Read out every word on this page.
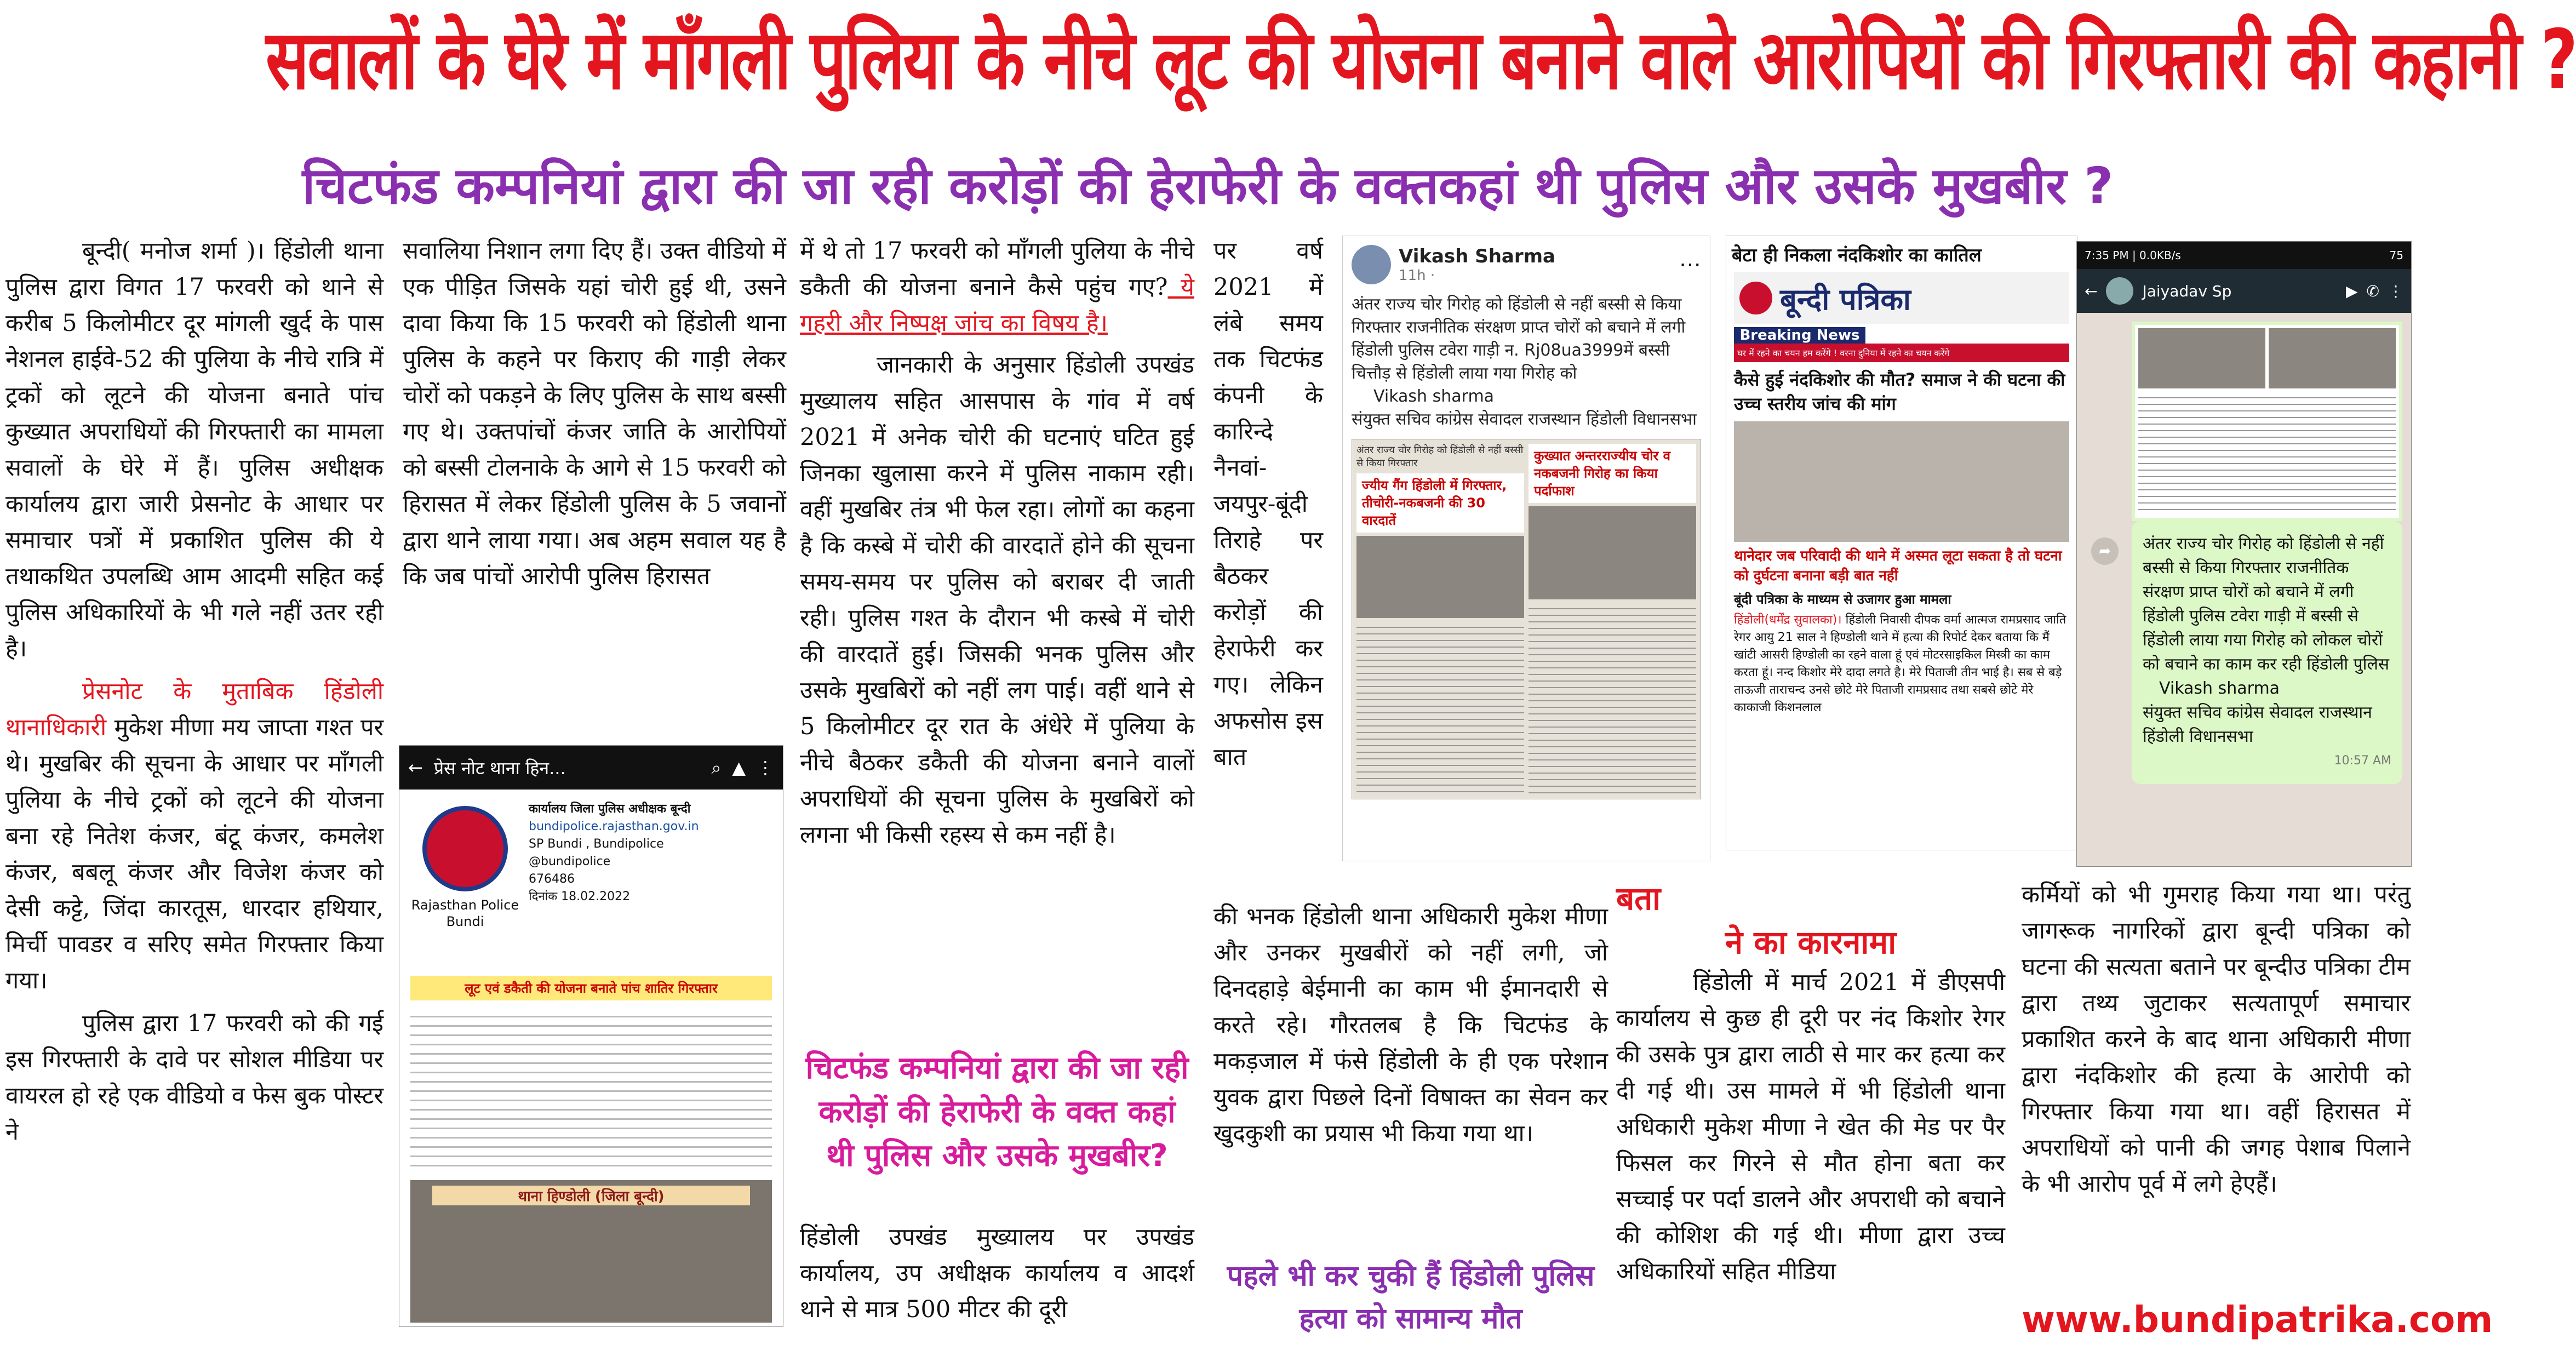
सवालों के घेरे में माँगली पुलिया के नीचे लूट की योजना बनाने वाले आरोपियों की गिरफ्तारी की कहानी ?
चिटफंड कम्पनियां द्वारा की जा रही करोड़ों की हेराफेरी के वक्तकहां थी पुलिस और उसके मुखबीर ?

बून्दी( मनोज शर्मा )। हिंडोली थाना पुलिस द्वारा विगत 17 फरवरी को थाने से करीब 5 किलोमीटर दूर मांगली खुर्द के पास नेशनल हाईवे-52 की पुलिया के नीचे रात्रि में ट्रकों को लूटने की योजना बनाते पांच कुख्यात अपराधियों की गिरफ्तारी का मामला सवालों के घेरे में हैं। पुलिस अधीक्षक कार्यालय द्वारा जारी प्रेसनोट के आधार पर समाचार पत्रों में प्रकाशित पुलिस की ये तथाकथित उपलब्धि आम आदमी सहित कई पुलिस अधिकारियों के भी गले नहीं उतर रही है।

प्रेसनोट के मुताबिक हिंडोली थानाधिकारी मुकेश मीणा मय जाप्ता गश्त पर थे। मुखबिर की सूचना के आधार पर माँगली पुलिया के नीचे ट्रकों को लूटने की योजना बना रहे नितेश कंजर, बंटू कंजर, कमलेश कंजर, बबलू कंजर और विजेश कंजर को देसी कट्टे, जिंदा कारतूस, धारदार हथियार, मिर्ची पावडर व सरिए समेत गिरफ्तार किया गया।

पुलिस द्वारा 17 फरवरी को की गई इस गिरफ्तारी के दावे पर सोशल मीडिया पर वायरल हो रहे एक वीडियो व फेस बुक पोस्टर ने

सवालिया निशान लगा दिए हैं। उक्त वीडियो में एक पीड़ित जिसके यहां चोरी हुई थी, उसने दावा किया कि 15 फरवरी को हिंडोली थाना पुलिस के कहने पर किराए की गाड़ी लेकर चोरों को पकड़ने के लिए पुलिस के साथ बस्सी गए थे। उक्तपांचों कंजर जाति के आरोपियों को बस्सी टोलनाके के आगे से 15 फरवरी को हिरासत में लेकर हिंडोली पुलिस के 5 जवानों द्वारा थाने लाया गया। अब अहम सवाल यह है कि जब पांचों आरोपी पुलिस हिरासत

← प्रेस नोट थाना हिन...	⌕ ▲ ⋮
Rajasthan Police Bundi
कार्यालय जिला पुलिस अधीक्षक बून्दी
bundipolice.rajasthan.gov.in
SP Bundi , Bundipolice
@bundipolice
676486
दिनांक 18.02.2022
लूट एवं डकैती की योजना बनाते पांच शातिर गिरफ्तार
थाना हिण्डोली (जिला बून्दी)

में थे तो 17 फरवरी को माँगली पुलिया के नीचे डकैती की योजना बनाने कैसे पहुंच गए? ये गहरी और निष्पक्ष जांच का विषय है।

जानकारी के अनुसार हिंडोली उपखंड मुख्यालय सहित आसपास के गांव में वर्ष 2021 में अनेक चोरी की घटनाएं घटित हुई जिनका खुलासा करने में पुलिस नाकाम रही। वहीं मुखबिर तंत्र भी फेल रहा। लोगों का कहना है कि कस्बे में चोरी की वारदातें होने की सूचना समय-समय पर पुलिस को बराबर दी जाती रही। पुलिस गश्त के दौरान भी कस्बे में चोरी की वारदातें हुई। जिसकी भनक पुलिस और उसके मुखबिरों को नहीं लग पाई। वहीं थाने से 5 किलोमीटर दूर रात के अंधेरे में पुलिया के नीचे बैठकर डकैती की योजना बनाने वालों अपराधियों की सूचना पुलिस के मुखबिरों को लगना भी किसी रहस्य से कम नहीं है।

चिटफंड कम्पनियां द्वारा की जा रही करोड़ों की हेराफेरी के वक्त कहां थी पुलिस और उसके मुखबीर?
हिंडोली उपखंड मुख्यालय पर उपखंड कार्यालय, उप अधीक्षक कार्यालय व आदर्श थाने से मात्र 500 मीटर की दूरी
पर वर्ष 2021 में लंबे समय तक चिटफंड कंपनी के कारिन्दे नैनवां-जयपुर-बूंदी तिराहे पर बैठकर करोड़ों की हेराफेरी कर गए। लेकिन अफसोस इस बात
की भनक हिंडोली थाना अधिकारी मुकेश मीणा और उनकर मुखबीरों को नहीं लगी, जो दिनदहाड़े बेईमानी का काम भी ईमानदारी से करते रहे। गौरतलब है कि चिटफंड के मकड़जाल में फंसे हिंडोली के ही एक परेशान युवक द्वारा पिछले दिनों विषाक्त का सेवन कर खुदकुशी का प्रयास भी किया गया था।
पहले भी कर चुकी हैं हिंडोली पुलिस हत्या को सामान्य मौत
Vikash Sharma
11h ·	⋯
अंतर राज्य चोर गिरोह को हिंडोली से नहीं बस्सी से किया गिरफ्तार राजनीतिक संरक्षण प्राप्त चोरों को बचाने में लगी हिंडोली पुलिस टवेरा गाड़ी न. Rj08ua3999में बस्सी चित्तौड़ से हिंडोली लाया गया गिरोह को
Vikash sharma
संयुक्त सचिव कांग्रेस सेवादल राजस्थान हिंडोली विधानसभा
अंतर राज्य चोर गिरोह को हिंडोली से नहीं बस्सी से किया गिरफ्तार
ज्यीय गैंग हिंडोली में गिरफ्तार, तीचोरी-नकबजनी की 30 वारदातें
कुख्यात अन्तरराज्यीय चोर व नकबजनी गिरोह का किया पर्दाफाश
बेटा ही निकला नंदकिशोर का कातिल
बून्दी पत्रिका
Breaking News
घर में रहने का चयन हम करेंगे ! वरना दुनिया में रहने का चयन करेंगे
कैसे हुई नंदकिशोर की मौत? समाज ने की घटना की उच्च स्तरीय जांच की मांग
थानेदार जब परिवादी की थाने में अस्मत लूटा सकता है तो घटना को दुर्घटना बनाना बड़ी बात नहीं
बूंदी पत्रिका के माध्यम से उजागर हुआ मामला
हिंडोली(धर्मेंद्र सुवालका)। हिंडोली निवासी दीपक वर्मा आत्मज रामप्रसाद जाति रेगर आयु 21 साल ने हिण्डोली थाने में हत्या की रिपोर्ट देकर बताया कि मैं खांटी आसरी हिण्डोली का रहने वाला हूं एवं मोटरसाइकिल मिस्त्री का काम करता हूं। नन्द किशोर मेरे दादा लगते है। मेरे पिताजी तीन भाई है। सब से बड़े ताऊजी ताराचन्द उनसे छोटे मेरे पिताजी रामप्रसाद तथा सबसे छोटे मेरे काकाजी किशनलाल
7:35 PM | 0.0KB/s	75
←	Jaiyadav Sp	▶ ✆ ⋮
➦	अंतर राज्य चोर गिरोह को हिंडोली से नहीं बस्सी से किया गिरफ्तार राजनीतिक संरक्षण प्राप्त चोरों को बचाने में लगी हिंडोली पुलिस टवेरा गाड़ी में बस्सी से हिंडोली लाया गया गिरोह को लोकल चोरों को बचाने का काम कर रही हिंडोली पुलिस
Vikash sharma
संयुक्त सचिव कांग्रेस सेवादल राजस्थान हिंडोली विधानसभा
10:57 AM
बता
ने का कारनामा

हिंडोली में मार्च 2021 में डीएसपी कार्यालय से कुछ ही दूरी पर नंद किशोर रेगर की उसके पुत्र द्वारा लाठी से मार कर हत्या कर दी गई थी। उस मामले में भी हिंडोली थाना अधिकारी मुकेश मीणा ने खेत की मेड पर पैर फिसल कर गिरने से मौत होना बता कर सच्चाई पर पर्दा डालने और अपराधी को बचाने की कोशिश की गई थी। मीणा द्वारा उच्च अधिकारियों सहित मीडिया

कर्मियों को भी गुमराह किया गया था। परंतु जागरूक नागरिकों द्वारा बून्दी पत्रिका को घटना की सत्यता बताने पर बून्दीउ पत्रिका टीम द्वारा तथ्य जुटाकर सत्यतापूर्ण समाचार प्रकाशित करने के बाद थाना अधिकारी मीणा द्वारा नंदकिशोर की हत्या के आरोपी को गिरफ्तार किया गया था। वहीं हिरासत में अपराधियों को पानी की जगह पेशाब पिलाने के भी आरोप पूर्व में लगे हेएहैं।

www.bundipatrika.com
